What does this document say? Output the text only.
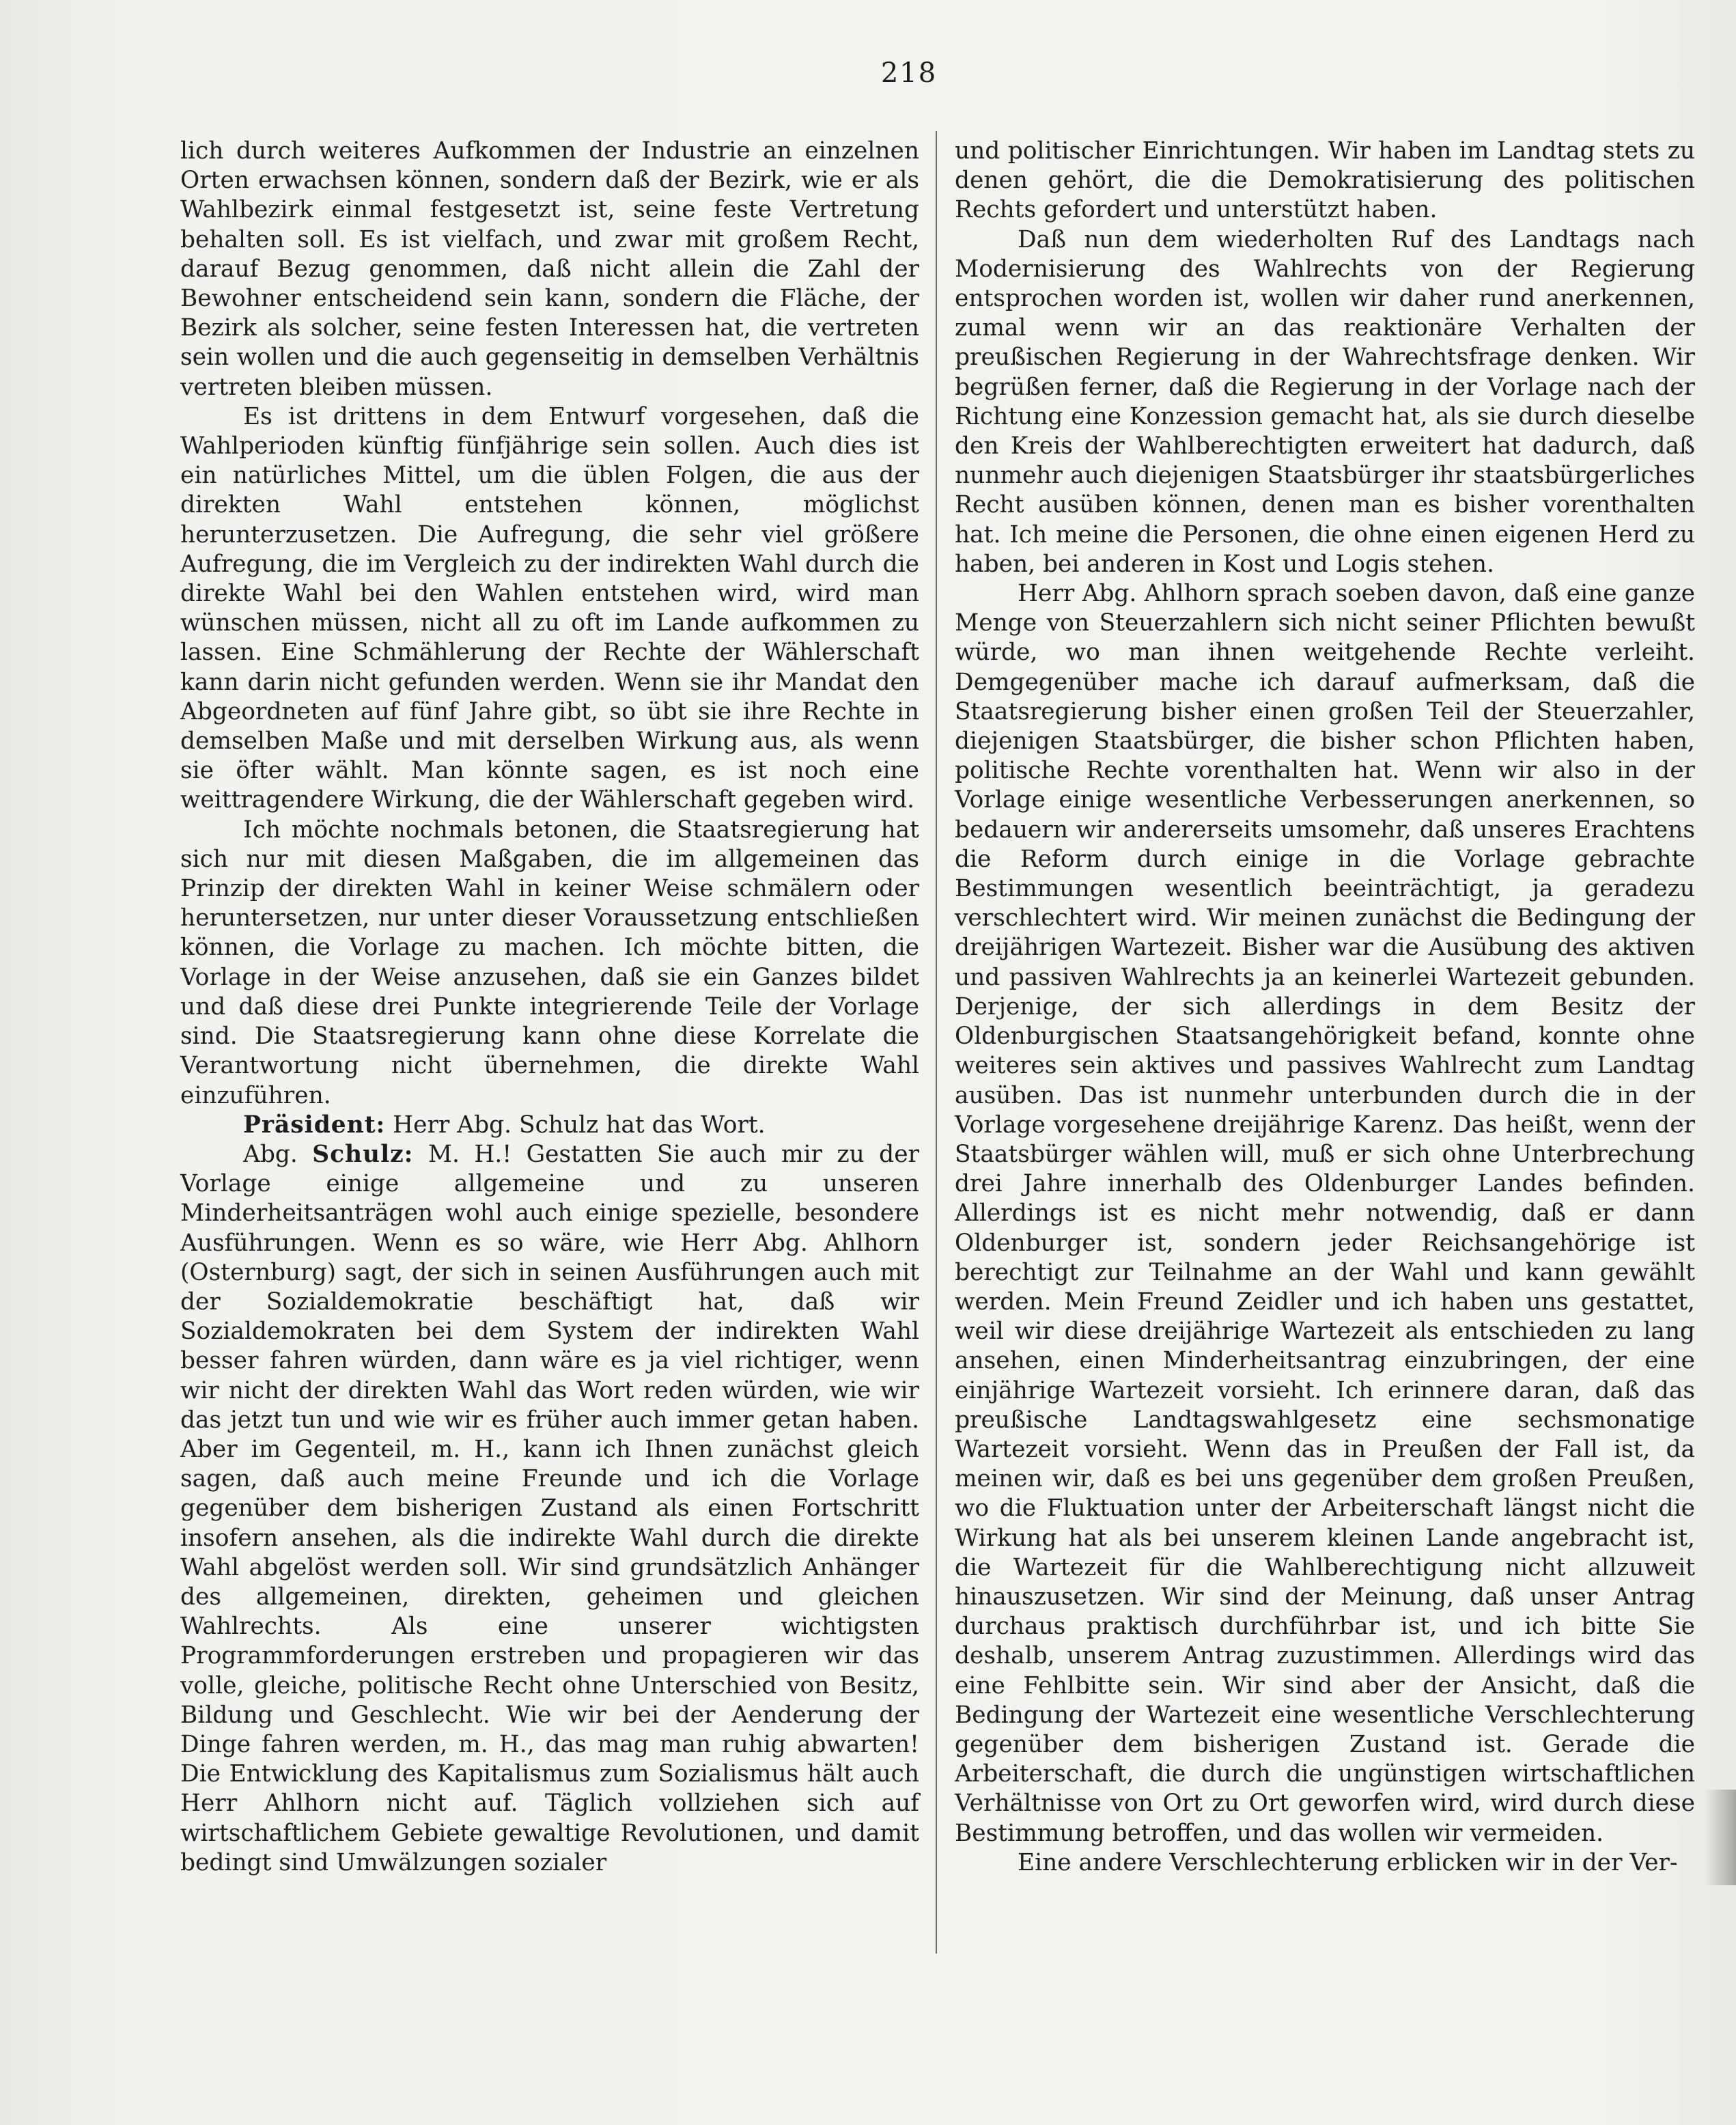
218

lich durch weiteres Aufkommen der Industrie an einzelnen Orten erwachsen können, sondern daß der Bezirk, wie er als Wahlbezirk einmal festgesetzt ist, seine feste Vertretung behalten soll. Es ist vielfach, und zwar mit großem Recht, darauf Bezug genommen, daß nicht allein die Zahl der Bewohner entscheidend sein kann, sondern die Fläche, der Bezirk als solcher, seine festen Interessen hat, die vertreten sein wollen und die auch gegenseitig in demselben Verhältnis vertreten bleiben müssen.

Es ist drittens in dem Entwurf vorgesehen, daß die Wahlperioden künftig fünfjährige sein sollen. Auch dies ist ein natürliches Mittel, um die üblen Folgen, die aus der direkten Wahl entstehen können, möglichst herunterzusetzen. Die Aufregung, die sehr viel größere Aufregung, die im Vergleich zu der indirekten Wahl durch die direkte Wahl bei den Wahlen entstehen wird, wird man wünschen müssen, nicht all zu oft im Lande aufkommen zu lassen. Eine Schmählerung der Rechte der Wählerschaft kann darin nicht gefunden werden. Wenn sie ihr Mandat den Abgeordneten auf fünf Jahre gibt, so übt sie ihre Rechte in demselben Maße und mit derselben Wirkung aus, als wenn sie öfter wählt. Man könnte sagen, es ist noch eine weittragendere Wirkung, die der Wählerschaft gegeben wird.

Ich möchte nochmals betonen, die Staatsregierung hat sich nur mit diesen Maßgaben, die im allgemeinen das Prinzip der direkten Wahl in keiner Weise schmälern oder heruntersetzen, nur unter dieser Voraussetzung entschließen können, die Vorlage zu machen. Ich möchte bitten, die Vorlage in der Weise anzusehen, daß sie ein Ganzes bildet und daß diese drei Punkte integrierende Teile der Vorlage sind. Die Staatsregierung kann ohne diese Korrelate die Verantwortung nicht übernehmen, die direkte Wahl einzuführen.

Präsident: Herr Abg. Schulz hat das Wort.

Abg. Schulz: M. H.! Gestatten Sie auch mir zu der Vorlage einige allgemeine und zu unseren Minderheitsanträgen wohl auch einige spezielle, besondere Ausführungen. Wenn es so wäre, wie Herr Abg. Ahlhorn (Osternburg) sagt, der sich in seinen Ausführungen auch mit der Sozialdemokratie beschäftigt hat, daß wir Sozialdemokraten bei dem System der indirekten Wahl besser fahren würden, dann wäre es ja viel richtiger, wenn wir nicht der direkten Wahl das Wort reden würden, wie wir das jetzt tun und wie wir es früher auch immer getan haben. Aber im Gegenteil, m. H., kann ich Ihnen zunächst gleich sagen, daß auch meine Freunde und ich die Vorlage gegenüber dem bisherigen Zustand als einen Fortschritt insofern ansehen, als die indirekte Wahl durch die direkte Wahl abgelöst werden soll. Wir sind grundsätzlich Anhänger des allgemeinen, direkten, geheimen und gleichen Wahlrechts. Als eine unserer wichtigsten Programmforderungen erstreben und propagieren wir das volle, gleiche, politische Recht ohne Unterschied von Besitz, Bildung und Geschlecht. Wie wir bei der Aenderung der Dinge fahren werden, m. H., das mag man ruhig abwarten! Die Entwicklung des Kapitalismus zum Sozialismus hält auch Herr Ahlhorn nicht auf. Täglich vollziehen sich auf wirtschaftlichem Gebiete gewaltige Revolutionen, und damit bedingt sind Umwälzungen sozialer

und politischer Einrichtungen. Wir haben im Landtag stets zu denen gehört, die die Demokratisierung des politischen Rechts gefordert und unterstützt haben.

Daß nun dem wiederholten Ruf des Landtags nach Modernisierung des Wahlrechts von der Regierung entsprochen worden ist, wollen wir daher rund anerkennen, zumal wenn wir an das reaktionäre Verhalten der preußischen Regierung in der Wahrechtsfrage denken. Wir begrüßen ferner, daß die Regierung in der Vorlage nach der Richtung eine Konzession gemacht hat, als sie durch dieselbe den Kreis der Wahlberechtigten erweitert hat dadurch, daß nunmehr auch diejenigen Staatsbürger ihr staatsbürgerliches Recht ausüben können, denen man es bisher vorenthalten hat. Ich meine die Personen, die ohne einen eigenen Herd zu haben, bei anderen in Kost und Logis stehen.

Herr Abg. Ahlhorn sprach soeben davon, daß eine ganze Menge von Steuerzahlern sich nicht seiner Pflichten bewußt würde, wo man ihnen weitgehende Rechte verleiht. Demgegenüber mache ich darauf aufmerksam, daß die Staatsregierung bisher einen großen Teil der Steuerzahler, diejenigen Staatsbürger, die bisher schon Pflichten haben, politische Rechte vorenthalten hat. Wenn wir also in der Vorlage einige wesentliche Verbesserungen anerkennen, so bedauern wir andererseits umsomehr, daß unseres Erachtens die Reform durch einige in die Vorlage gebrachte Bestimmungen wesentlich beeinträchtigt, ja geradezu verschlechtert wird. Wir meinen zunächst die Bedingung der dreijährigen Wartezeit. Bisher war die Ausübung des aktiven und passiven Wahlrechts ja an keinerlei Wartezeit gebunden. Derjenige, der sich allerdings in dem Besitz der Oldenburgischen Staatsangehörigkeit befand, konnte ohne weiteres sein aktives und passives Wahlrecht zum Landtag ausüben. Das ist nunmehr unterbunden durch die in der Vorlage vorgesehene dreijährige Karenz. Das heißt, wenn der Staatsbürger wählen will, muß er sich ohne Unterbrechung drei Jahre innerhalb des Oldenburger Landes befinden. Allerdings ist es nicht mehr notwendig, daß er dann Oldenburger ist, sondern jeder Reichsangehörige ist berechtigt zur Teilnahme an der Wahl und kann gewählt werden. Mein Freund Zeidler und ich haben uns gestattet, weil wir diese dreijährige Wartezeit als entschieden zu lang ansehen, einen Minderheitsantrag einzubringen, der eine einjährige Wartezeit vorsieht. Ich erinnere daran, daß das preußische Landtagswahlgesetz eine sechsmonatige Wartezeit vorsieht. Wenn das in Preußen der Fall ist, da meinen wir, daß es bei uns gegenüber dem großen Preußen, wo die Fluktuation unter der Arbeiterschaft längst nicht die Wirkung hat als bei unserem kleinen Lande angebracht ist, die Wartezeit für die Wahlberechtigung nicht allzuweit hinauszusetzen. Wir sind der Meinung, daß unser Antrag durchaus praktisch durchführbar ist, und ich bitte Sie deshalb, unserem Antrag zuzustimmen. Allerdings wird das eine Fehlbitte sein. Wir sind aber der Ansicht, daß die Bedingung der Wartezeit eine wesentliche Verschlechterung gegenüber dem bisherigen Zustand ist. Gerade die Arbeiterschaft, die durch die ungünstigen wirtschaftlichen Verhältnisse von Ort zu Ort geworfen wird, wird durch diese Bestimmung betroffen, und das wollen wir vermeiden.

Eine andere Verschlechterung erblicken wir in der Ver-
